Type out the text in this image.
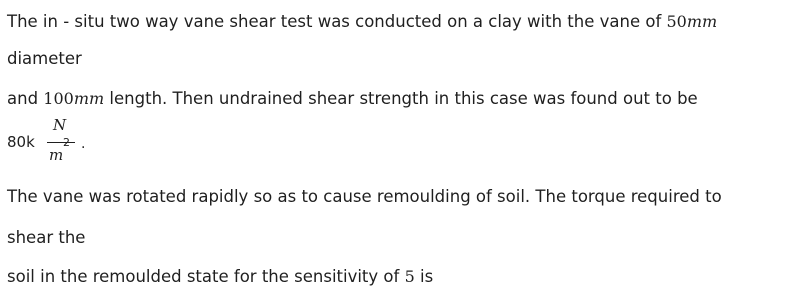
The in - situ two way vane shear test was conducted on a clay with the vane of 50mm
diameter
and 100mm length. Then undrained shear strength in this case was found out to be
80k
N
2
m
.
The vane was rotated rapidly so as to cause remoulding of soil. The torque required to
shear the
soil in the remoulded state for the sensitivity of 5 is
